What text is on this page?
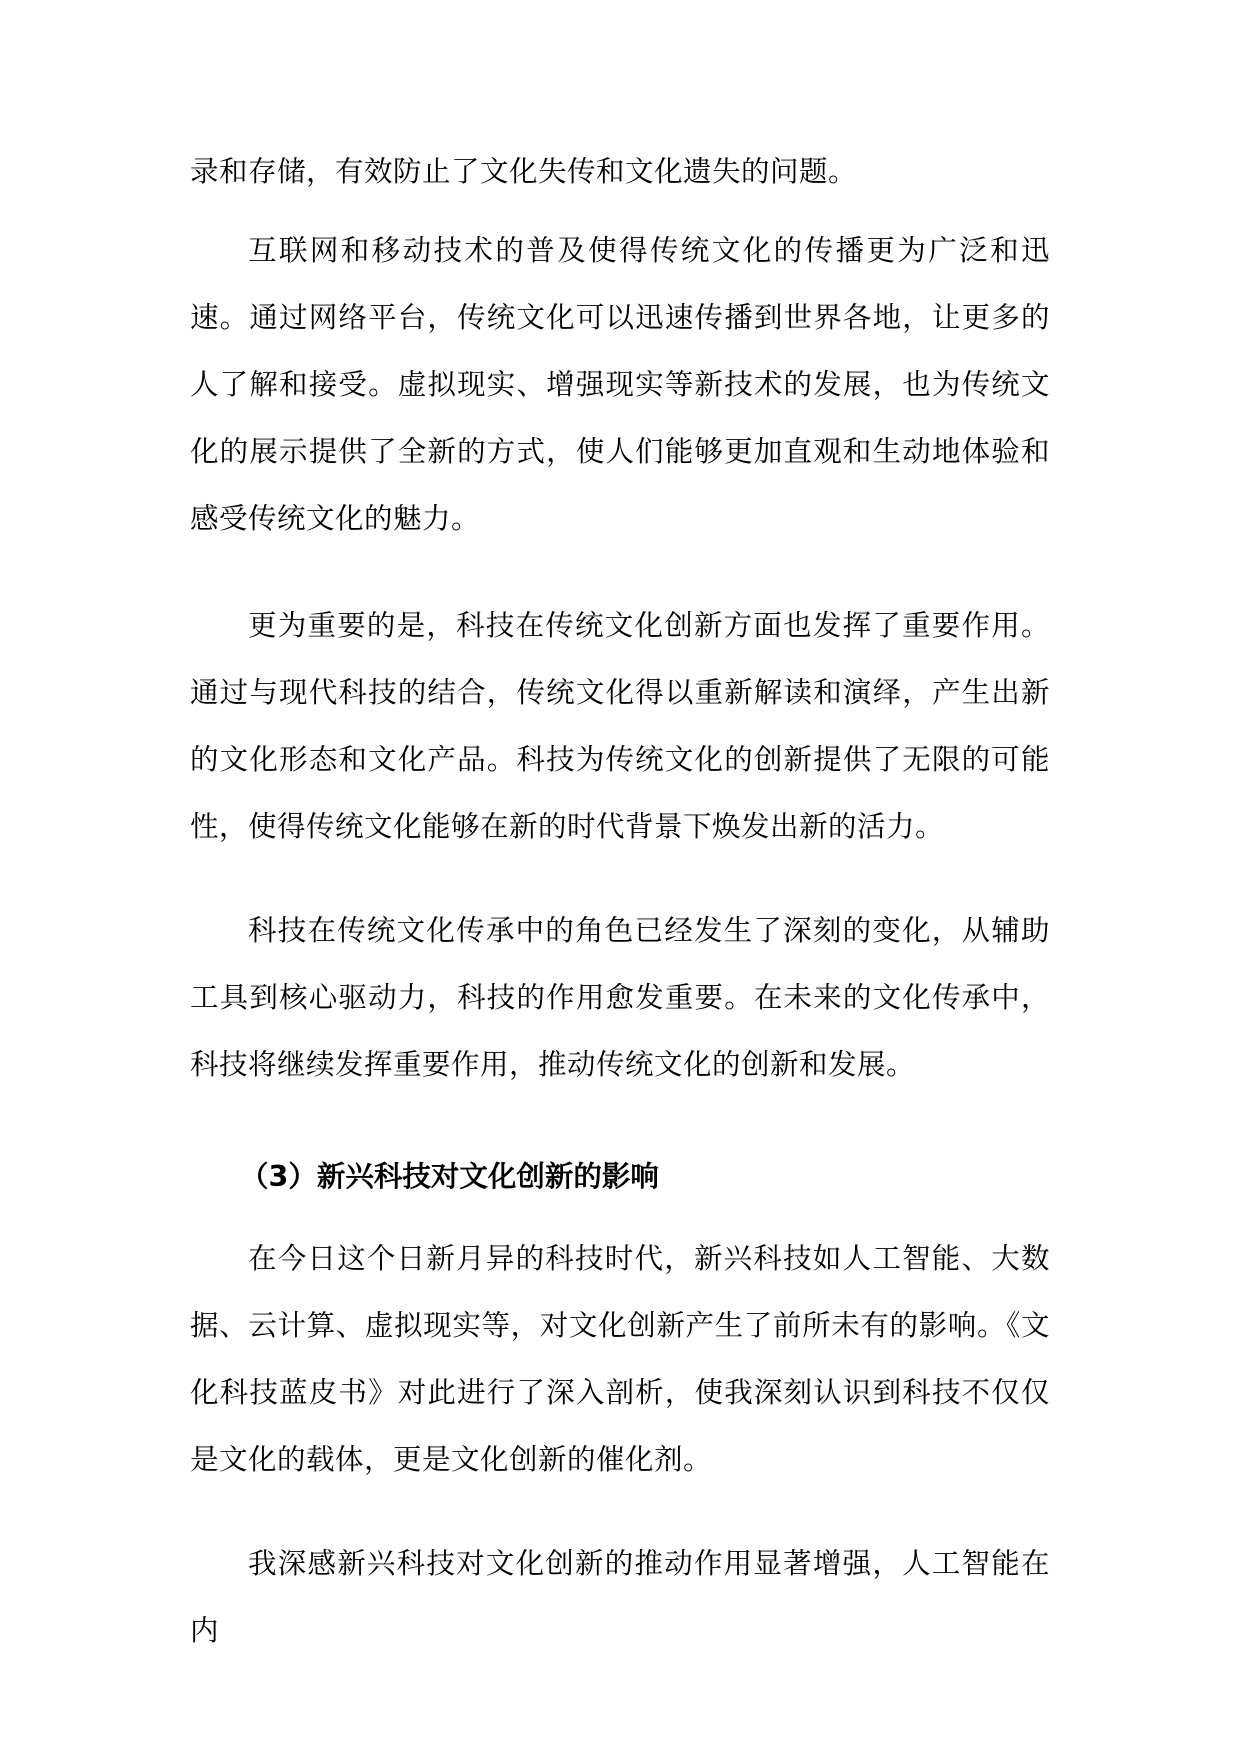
录和存储，有效防止了文化失传和文化遗失的问题。

互联网和移动技术的普及使得传统文化的传播更为广泛和迅速。通过网络平台，传统文化可以迅速传播到世界各地，让更多的人了解和接受。虚拟现实、增强现实等新技术的发展，也为传统文化的展示提供了全新的方式，使人们能够更加直观和生动地体验和感受传统文化的魅力。

更为重要的是，科技在传统文化创新方面也发挥了重要作用。通过与现代科技的结合，传统文化得以重新解读和演绎，产生出新的文化形态和文化产品。科技为传统文化的创新提供了无限的可能性，使得传统文化能够在新的时代背景下焕发出新的活力。

科技在传统文化传承中的角色已经发生了深刻的变化，从辅助工具到核心驱动力，科技的作用愈发重要。在未来的文化传承中，科技将继续发挥重要作用，推动传统文化的创新和发展。

（3）新兴科技对文化创新的影响

在今日这个日新月异的科技时代，新兴科技如人工智能、大数据、云计算、虚拟现实等，对文化创新产生了前所未有的影响。《文化科技蓝皮书》对此进行了深入剖析，使我深刻认识到科技不仅仅是文化的载体，更是文化创新的催化剂。

我深感新兴科技对文化创新的推动作用显著增强，人工智能在内
